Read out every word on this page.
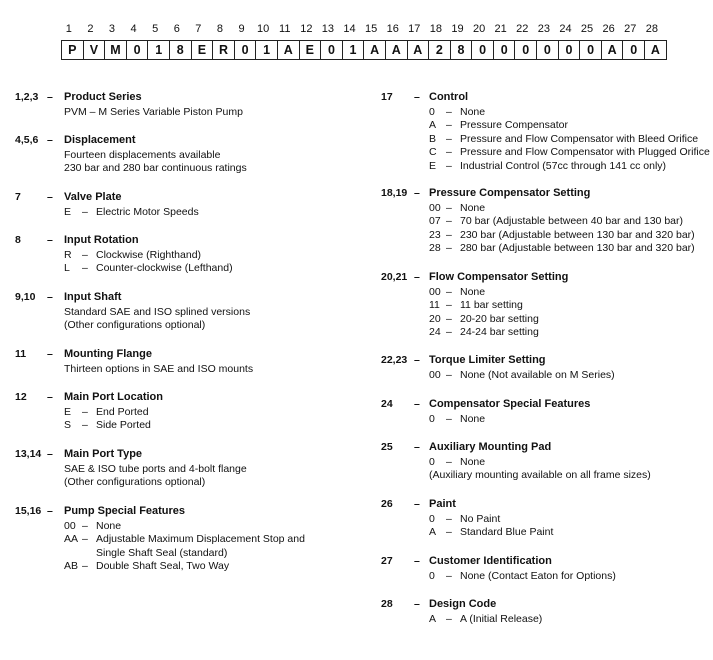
1	2	3	4	5	6	7	8	9	10 11 12 13 14 15 16 17 18 19 20 21 22 23 24 25 26 27 28
P	V M	0	1	8	E	R	0	1	A	E	0	1	A	A	A	2	8	0	0	0	0	0	0	A	0	A
1,2,3 – Product Series
PVM – M Series Variable Piston Pump
4,5,6 – Displacement
Fourteen displacements available
230 bar and 280 bar continuous ratings
7 – Valve Plate
E	– Electric Motor Speeds
8 – Input Rotation
R – Clockwise (Righthand)
L	– Counter-clockwise (Lefthand)
9,10 – Input Shaft
Standard SAE and ISO splined versions
(Other configurations optional)
11 – Mounting Flange
Thirteen options in SAE and ISO mounts
12 – Main Port Location
E	– End Ported
S	– Side Ported
13,14 – Main Port Type
SAE & ISO tube ports and 4-bolt flange
(Other configurations optional)
15,16 – Pump Special Features
00 – None
AA – Adjustable Maximum Displacement Stop and
Single Shaft Seal (standard)
AB – Double Shaft Seal, Two Way
17 – Control
0	– None
A – Pressure Compensator
B – Pressure and Flow Compensator with Bleed Orifice
C – Pressure and Flow Compensator with Plugged Orifice
E – Industrial Control (57cc through 141 cc only)
18,19 – Pressure Compensator Setting
00 – None
07 – 70 bar (Adjustable between 40 bar and 130 bar)
23 – 230 bar (Adjustable between 130 bar and 320 bar)
28 – 280 bar (Adjustable between 130 bar and 320 bar)
20,21 – Flow Compensator Setting
00 – None
11 – 11 bar setting
20 – 20-20 bar setting
24 – 24-24 bar setting
22,23 – Torque Limiter Setting
00 – None (Not available on M Series)
24 – Compensator Special Features
0	– None
25 – Auxiliary Mounting Pad
0	– None
(Auxiliary mounting available on all frame sizes)
26 – Paint
0	– No Paint
A – Standard Blue Paint
27 – Customer Identification
0	– None (Contact Eaton for Options)
28 – Design Code
A – A (Initial Release)
